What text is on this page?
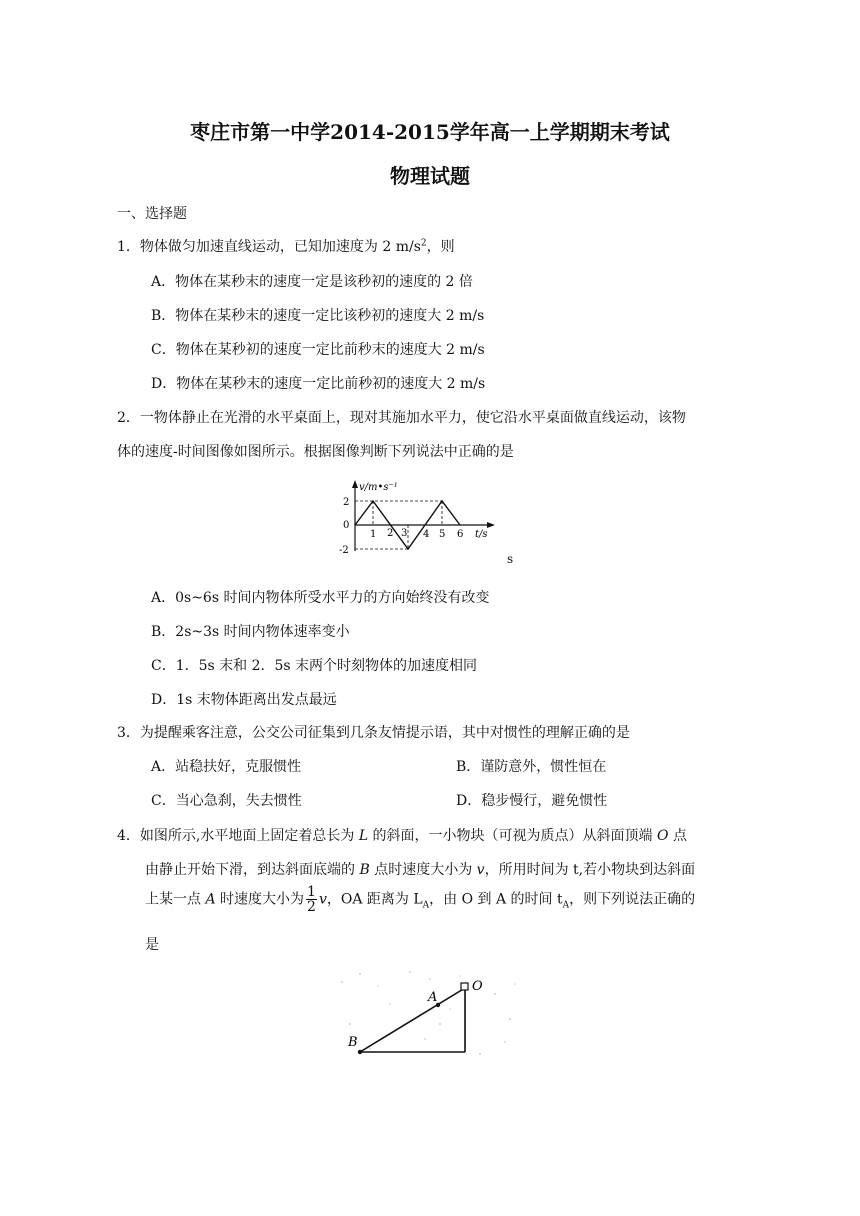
枣庄市第一中学2014-2015学年高一上学期期末考试
物理试题
一、选择题
1．物体做匀加速直线运动，已知加速度为 2 $m/s^2$，则
A．物体在某秒末的速度一定是该秒初的速度的 2 倍
B．物体在某秒末的速度一定比该秒初的速度大 2 m/s
C．物体在某秒初的速度一定比前秒末的速度大 2 m/s
D．物体在某秒末的速度一定比前秒初的速度大 2 m/s
2．一物体静止在光滑的水平桌面上，现对其施加水平力，使它沿水平桌面做直线运动，该物
体的速度-时间图像如图所示。根据图像判断下列说法中正确的是
2
0
-2
1 2 3 4 5 6 t/s
v/m•s⁻¹
s
A．0s~6s 时间内物体所受水平力的方向始终没有改变
B．2s~3s 时间内物体速率变小
C．1．5s 末和 2．5s 末两个时刻物体的加速度相同
D．1s 末物体距离出发点最远
3．为提醒乘客注意，公交公司征集到几条友情提示语，其中对惯性的理解正确的是
A．站稳扶好，克服惯性	B．谨防意外，惯性恒在
C．当心急刹，失去惯性	D．稳步慢行，避免惯性
4．如图所示,水平地面上固定着总长为 L 的斜面，一小物块（可视为质点）从斜面顶端 O 点
由静止开始下滑，到达斜面底端的 B 点时速度大小为 v，所用时间为 t,若小物块到达斜面
上某一点 A 时速度大小为 $\frac{1}{2}$ v，OA 距离为 $L_A$，由 O 到 A 的时间 $t_A$，则下列说法正确的
是
B
A
O
